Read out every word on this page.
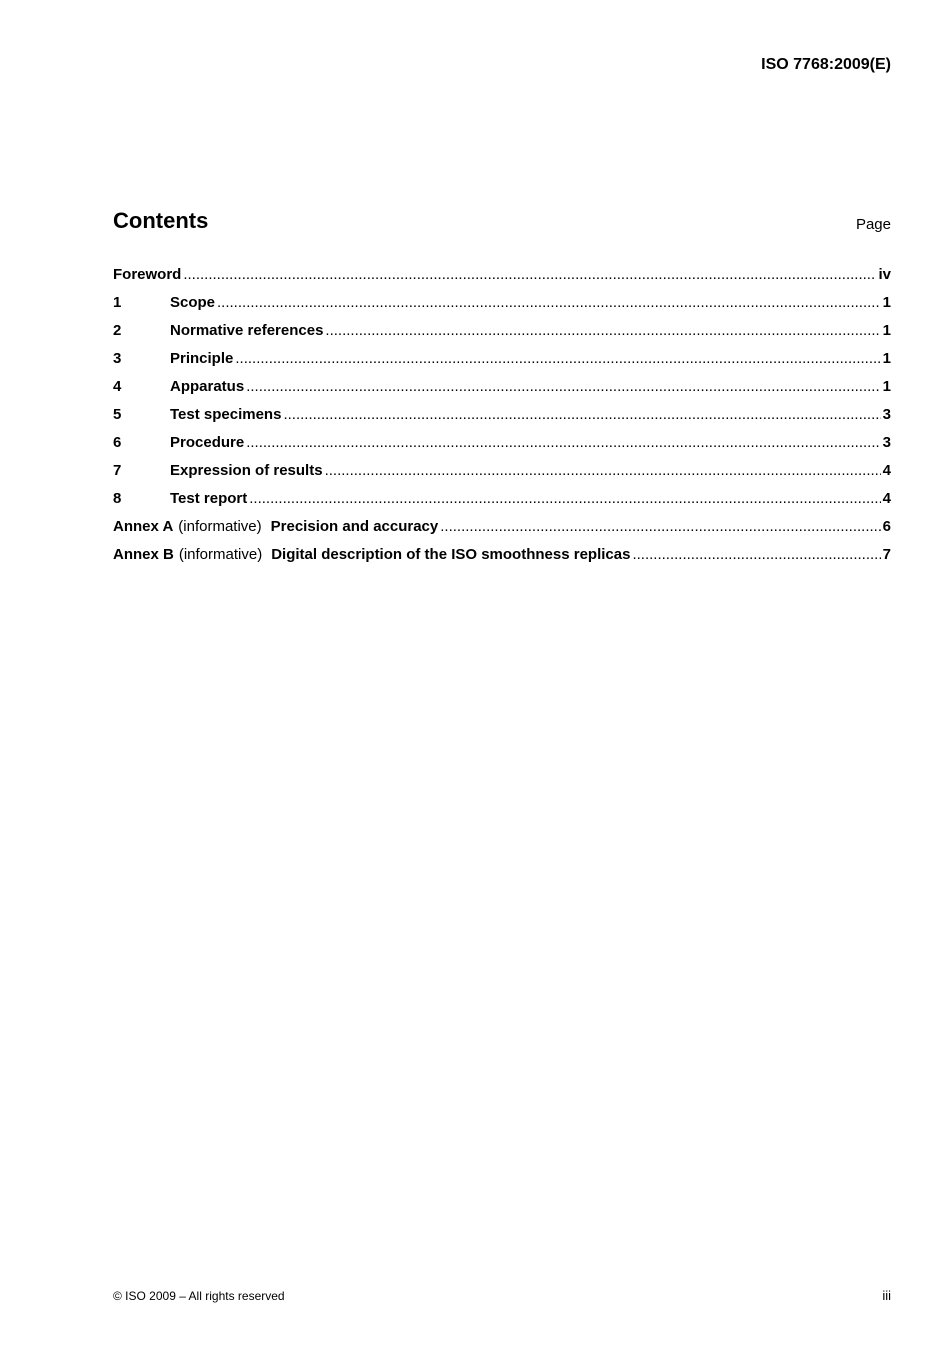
ISO 7768:2009(E)
Contents	Page
Foreword .....	iv
1	Scope .....	1
2	Normative references .....	1
3	Principle .....	1
4	Apparatus .....	1
5	Test specimens .....	3
6	Procedure .....	3
7	Expression of results .....	4
8	Test report .....	4
Annex A (informative) Precision and accuracy .....	6
Annex B (informative) Digital description of the ISO smoothness replicas .....	7
© ISO 2009 – All rights reserved	iii
